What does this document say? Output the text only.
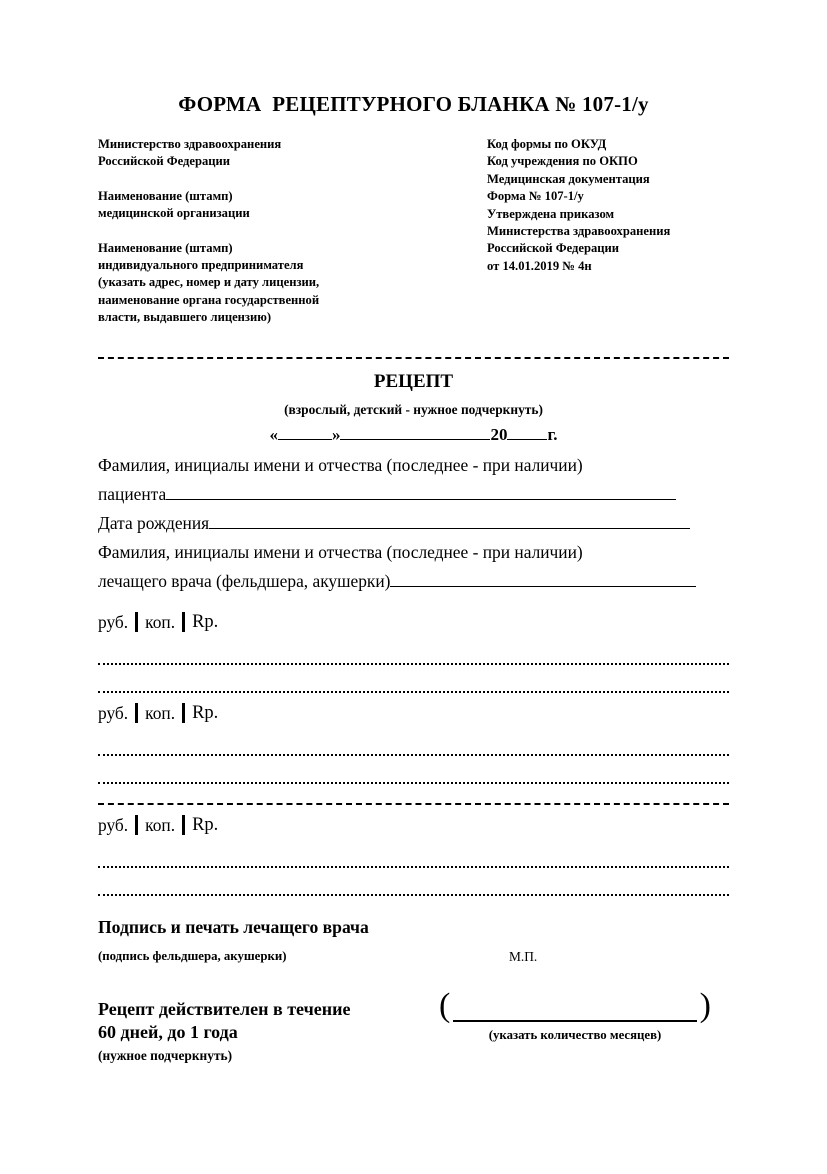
ФОРМА  РЕЦЕПТУРНОГО БЛАНКА № 107-1/у
Министерство здравоохранения
Российской Федерации
Наименование (штамп)
медицинской организации
Наименование (штамп)
индивидуального предпринимателя
(указать адрес, номер и дату лицензии,
наименование органа государственной
власти, выдавшего лицензию)
Код формы по ОКУД
Код учреждения по ОКПО
Медицинская документация
Форма № 107-1/у
Утверждена приказом
Министерства здравоохранения
Российской Федерации
от 14.01.2019 № 4н
РЕЦЕПТ
(взрослый, детский - нужное подчеркнуть)
«	»	20 г.
Фамилия, инициалы имени и отчества (последнее - при наличии)
пациента
Дата рождения
Фамилия, инициалы имени и отчества (последнее - при наличии)
лечащего врача (фельдшера, акушерки)
руб. коп. Rp.
руб. коп. Rp.
руб. коп. Rp.
Подпись и печать лечащего врача
(подпись фельдшера, акушерки)	М.П.
Рецепт действителен в течение
60 дней, до 1 года
(нужное подчеркнуть)
(	)
(указать количество месяцев)
